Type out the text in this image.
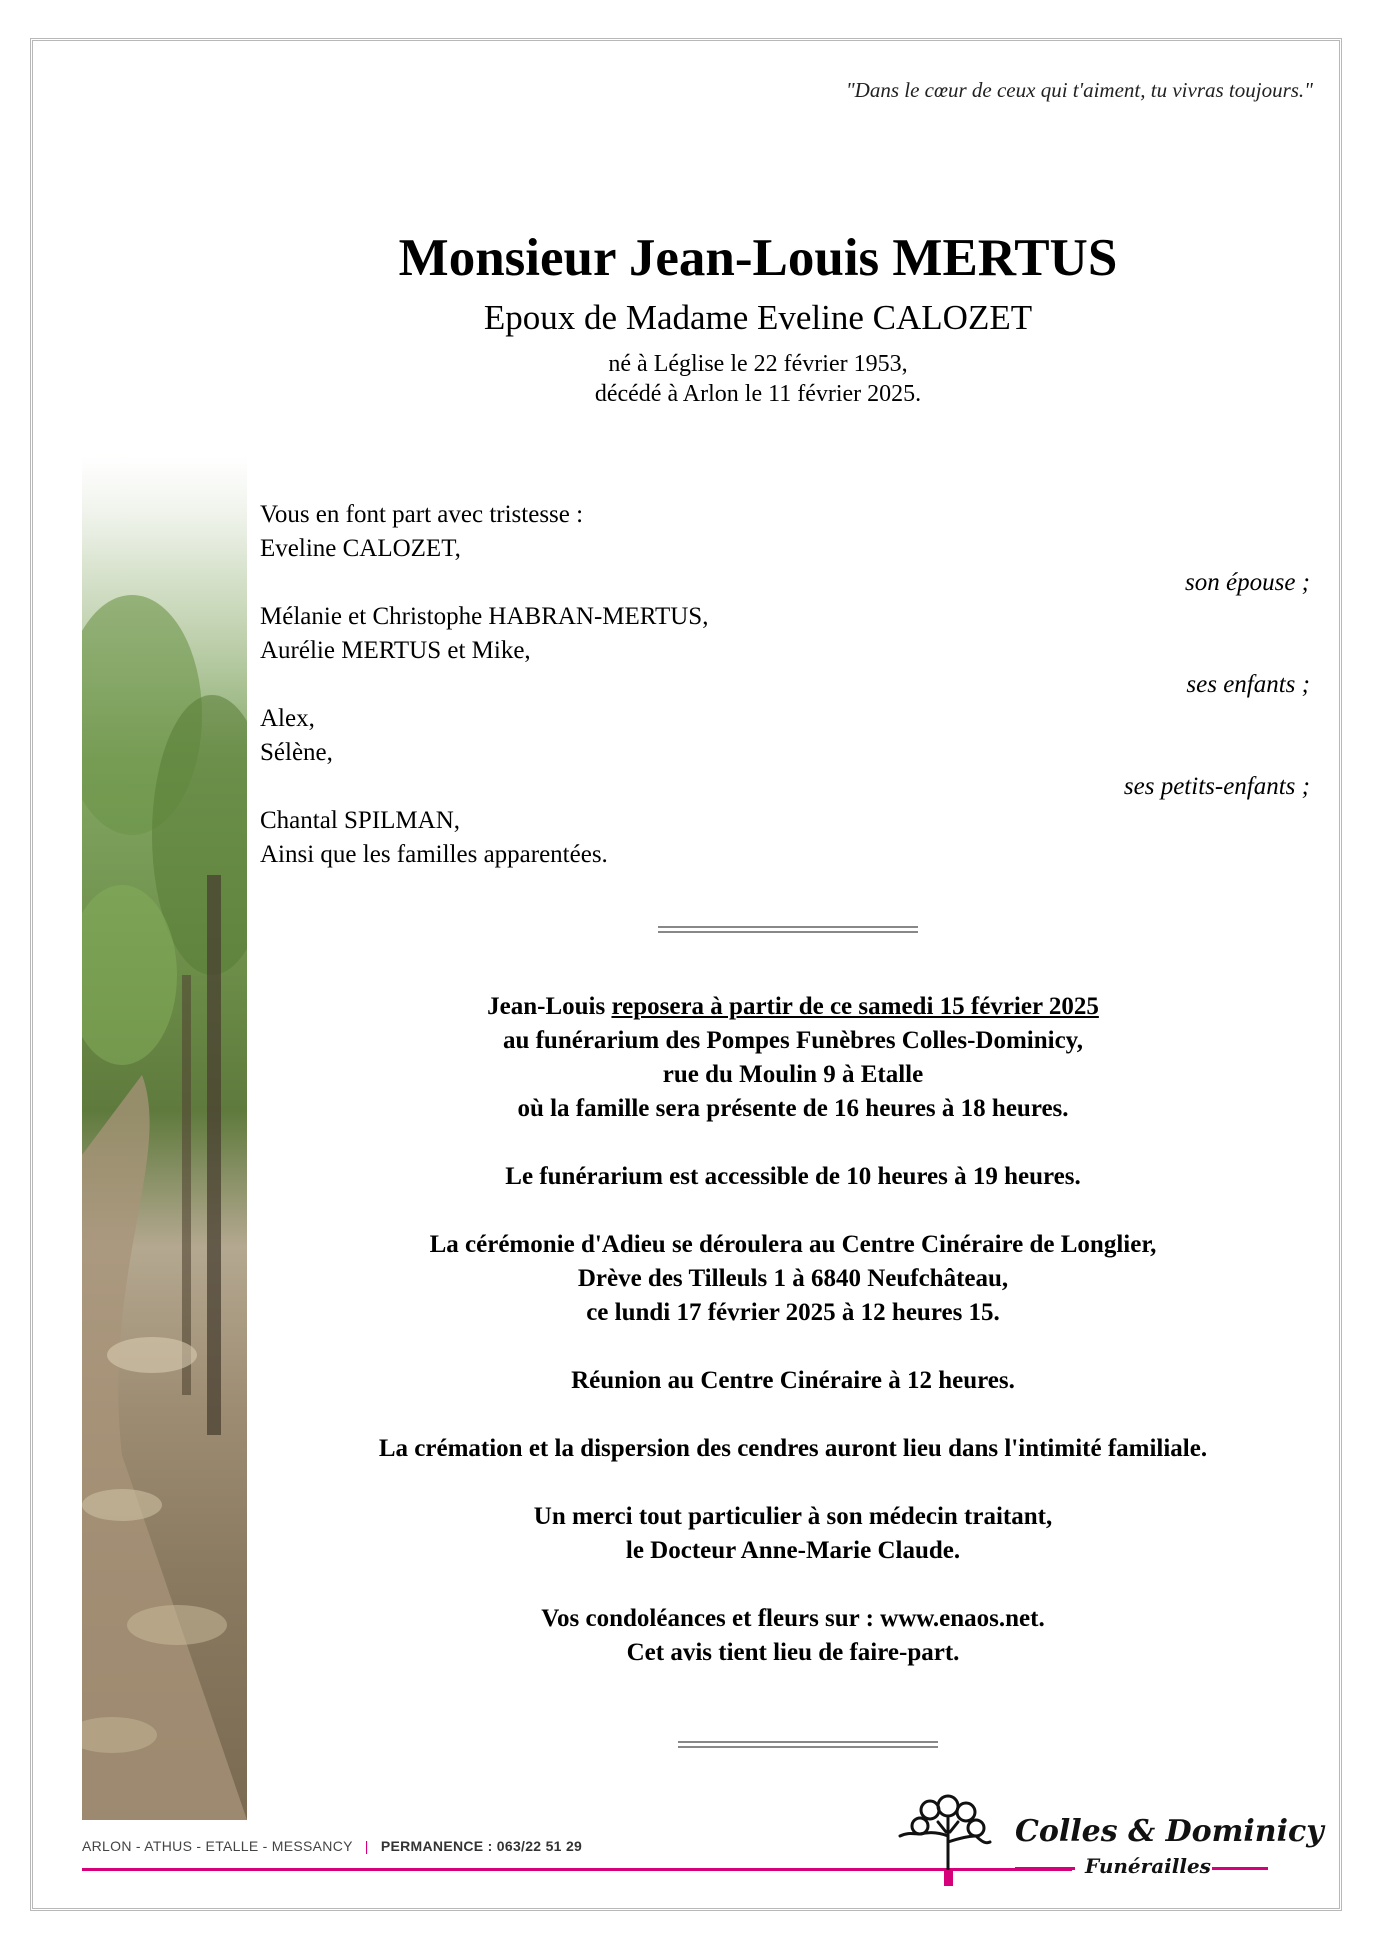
"Dans le cœur de ceux qui t'aiment, tu vivras toujours."
Monsieur Jean-Louis MERTUS
Epoux de Madame Eveline CALOZET
né à Léglise le 22 février 1953,
décédé à Arlon le 11 février 2025.
Vous en font part avec tristesse :
Eveline CALOZET,
son épouse ;
Mélanie et Christophe HABRAN-MERTUS,
Aurélie MERTUS et Mike,
ses enfants ;
Alex,
Sélène,
ses petits-enfants ;
Chantal SPILMAN,
Ainsi que les familles apparentées.

Jean-Louis reposera à partir de ce samedi 15 février 2025
au funérarium des Pompes Funèbres Colles-Dominicy,
rue du Moulin 9 à Etalle
où la famille sera présente de 16 heures à 18 heures.

Le funérarium est accessible de 10 heures à 19 heures.

La cérémonie d'Adieu se déroulera au Centre Cinéraire de Longlier,
Drève des Tilleuls 1 à 6840 Neufchâteau,
ce lundi 17 février 2025 à 12 heures 15.

Réunion au Centre Cinéraire à 12 heures.

La crémation et la dispersion des cendres auront lieu dans l'intimité familiale.

Un merci tout particulier à son médecin traitant,
le Docteur Anne-Marie Claude.

Vos condoléances et fleurs sur : www.enaos.net.
Cet avis tient lieu de faire-part.

ARLON - ATHUS - ETALLE - MESSANCY | PERMANENCE : 063/22 51 29	Colles & Dominicy
Funérailles
